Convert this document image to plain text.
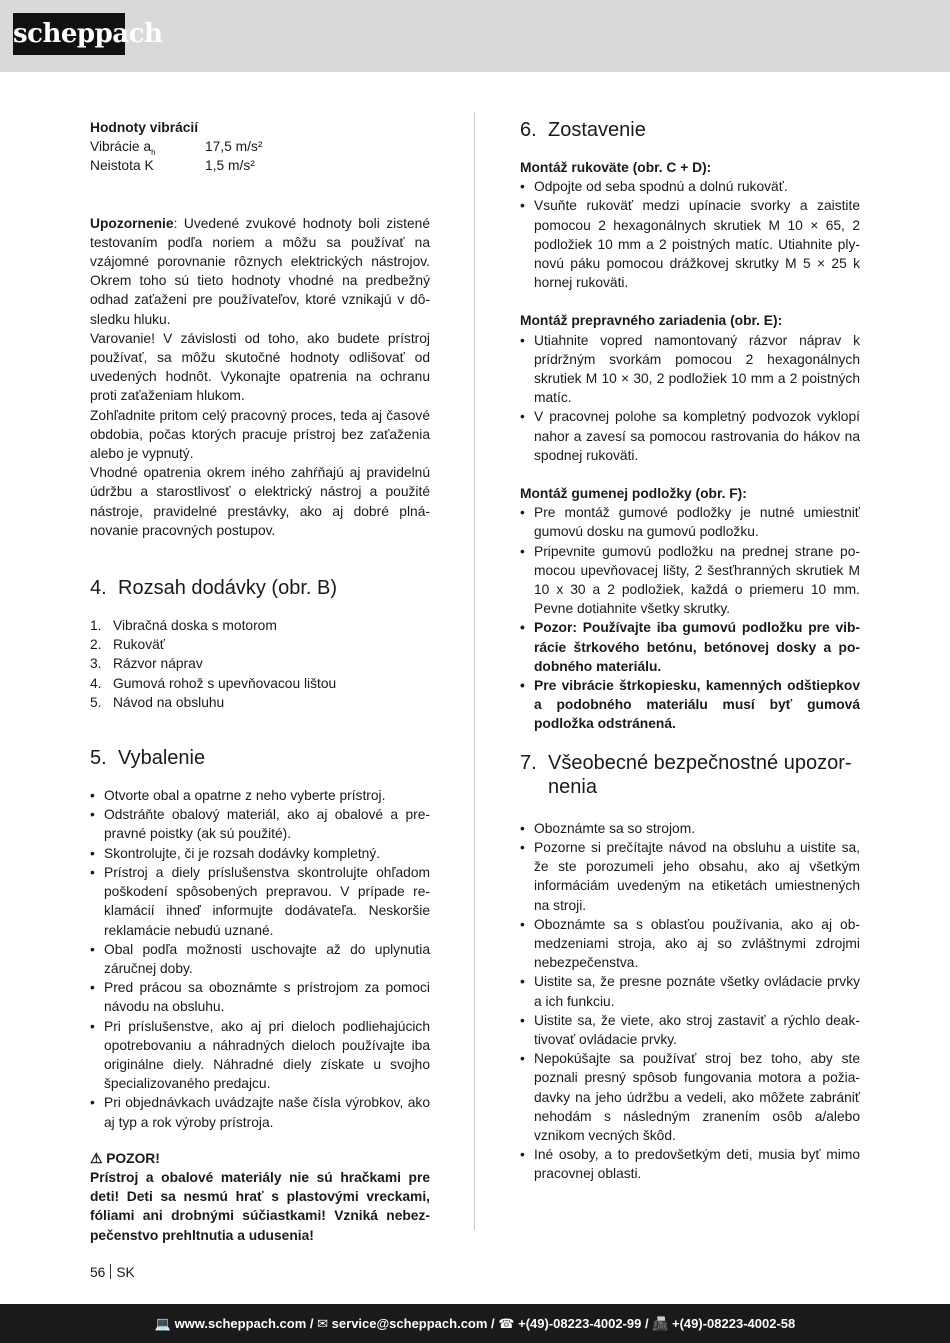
scheppach

Hodnoty vibrácií

Vibrácie $a_h$	17,5 m/s²
Neistota K	1,5 m/s²

Upozornenie: Uvedené zvukové hodnoty boli zistené testovaním podľa noriem a môžu sa používať na vzájomné porovnanie rôznych elektrických nástrojov. Okrem toho sú tieto hodnoty vhodné na predbežný odhad zaťaženi pre používateľov, ktoré vznikajú v dôsledku hluku.

Varovanie! V závislosti od toho, ako budete prístroj používať, sa môžu skutočné hodnoty odlišovať od uvedených hodnôt. Vykonajte opatrenia na ochranu proti zaťaženiam hlukom.

Zohľadnite pritom celý pracovný proces, teda aj časové obdobia, počas ktorých pracuje prístroj bez zaťaženia alebo je vypnutý.

Vhodné opatrenia okrem iného zahŕňajú aj pravidelnú údržbu a starostlivosť o elektrický nástroj a použité nástroje, pravidelné prestávky, ako aj dobré plnánovanie pracovných postupov.

4. Rozsah dodávky (obr. B)
1. Vibračná doska s motorom
2. Rukoväť
3. Rázvor náprav
4. Gumová rohož s upevňovacou lištou
5. Návod na obsluhu
5. Vybalenie
• Otvorte obal a opatrne z neho vyberte prístroj.
• Odstráňte obalový materiál, ako aj obalové a prepravné poistky (ak sú použité).
• Skontrolujte, či je rozsah dodávky kompletný.
• Prístroj a diely príslušenstva skontrolujte ohľadom poškodení spôsobených prepravou. V prípade reklamácií ihneď informujte dodávateľa. Neskoršie reklamácie nebudú uznané.
• Obal podľa možnosti uschovajte až do uplynutia záručnej doby.
• Pred prácou sa oboznámte s prístrojom za pomoci návodu na obsluhu.
• Pri príslušenstve, ako aj pri dieloch podliehajúcich opotrebovaniu a náhradných dieloch používajte iba originálne diely. Náhradné diely získate u svojho špecializovaného predajcu.
• Pri objednávkach uvádzajte naše čísla výrobkov, ako aj typ a rok výroby prístroja.

⚠ POZOR!

Prístroj a obalové materiály nie sú hračkami pre deti! Deti sa nesmú hrať s plastovými vreckami, fóliami ani drobnými súčiastkami! Vzniká nebezpečenstvo prehltnutia a udusenia!

6. Zostavenie

Montáž rukoväte (obr. C + D):

• Odpojte od seba spodnú a dolnú rukoväť.
• Vsuňte rukoväť medzi upínacie svorky a zaistite pomocou 2 hexagonálnych skrutiek M 10 × 65, 2 podložiek 10 mm a 2 poistných matíc. Utiahnite plynovú páku pomocou drážkovej skrutky M 5 × 25 k hornej rukoväti.

Montáž prepravného zariadenia (obr. E):

• Utiahnite vopred namontovaný rázvor náprav k prídržným svorkám pomocou 2 hexagonálnych skrutiek M 10 × 30, 2 podložiek 10 mm a 2 poistných matíc.
• V pracovnej polohe sa kompletný podvozok vyklopí nahor a zavesí sa pomocou rastrovania do hákov na spodnej rukoväti.

Montáž gumenej podložky (obr. F):

• Pre montáž gumové podložky je nutné umiestniť gumovú dosku na gumovú podložku.
• Pripevnite gumovú podložku na prednej strane pomocou upevňovacej lišty, 2 šesťhranných skrutiek M 10 x 30 a 2 podložiek, každá o priemeru 10 mm. Pevne dotiahnite všetky skrutky.
• Pozor: Používajte iba gumovú podložku pre vibrácie štrkového betónu, betónovej dosky a podobného materiálu.
• Pre vibrácie štrkopiesku, kamenných odštiepkov a podobného materiálu musí byť gumová podložka odstránená.
7. Všeobecné bezpečnostné upozornenia
• Oboznámte sa so strojom.
• Pozorne si prečítajte návod na obsluhu a uistite sa, že ste porozumeli jeho obsahu, ako aj všetkým informáciám uvedeným na etiketách umiestnených na stroji.
• Oboznámte sa s oblasťou používania, ako aj obmedzeniami stroja, ako aj so zvláštnymi zdrojmi nebezpečenstva.
• Uistite sa, že presne poznáte všetky ovládacie prvky a ich funkciu.
• Uistite sa, že viete, ako stroj zastaviť a rýchlo deaktivovať ovládacie prvky.
• Nepokúšajte sa používať stroj bez toho, aby ste poznali presný spôsob fungovania motora a požiadavky na jeho údržbu a vedeli, ako môžete zabrániť nehodám s následným zranením osôb a/alebo vznikom vecných škôd.
• Iné osoby, a to predovšetkým deti, musia byť mimo pracovnej oblasti.
56 SK
💻 www.scheppach.com / ✉ service@scheppach.com / ☎ +(49)-08223-4002-99 / 📠 +(49)-08223-4002-58
